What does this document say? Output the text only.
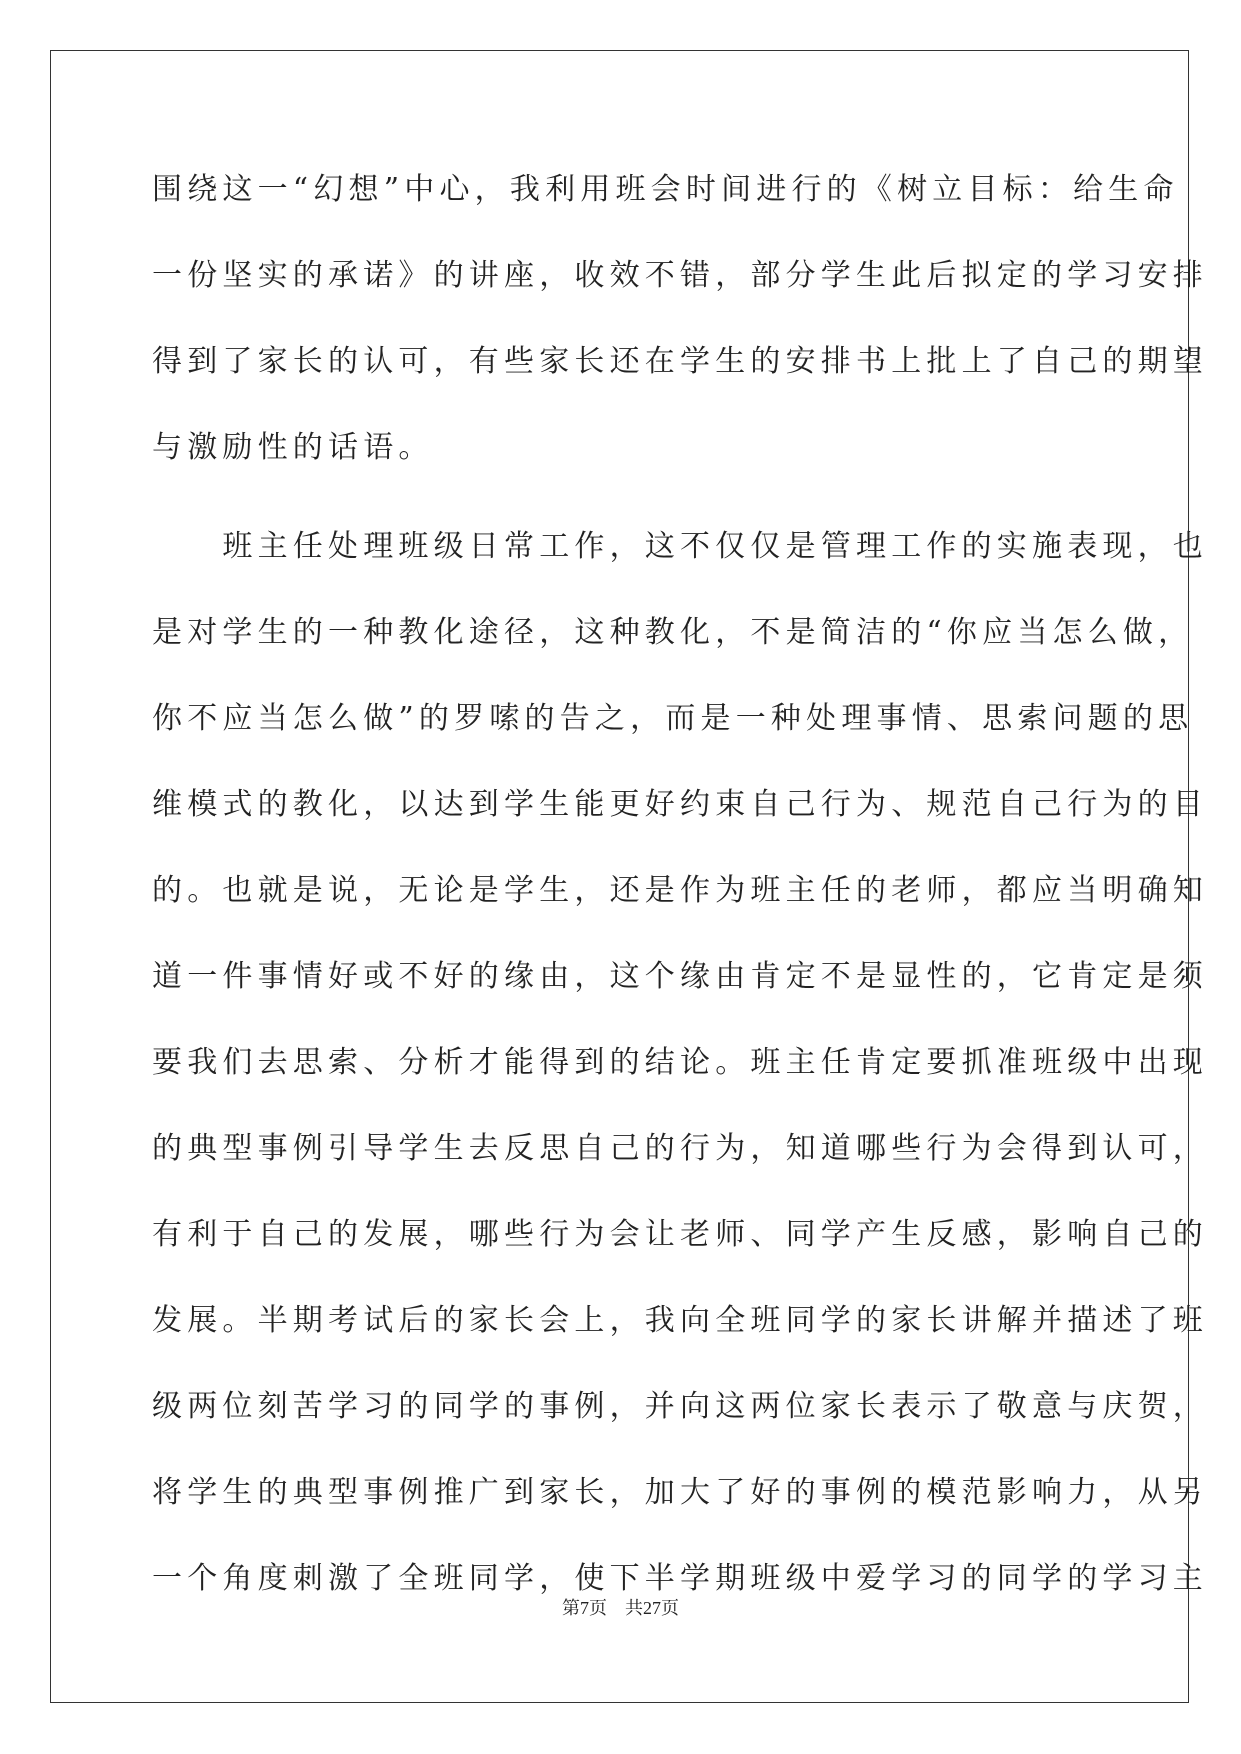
围绕这一“幻想”中心，我利用班会时间进行的《树立目标：给生命
一份坚实的承诺》的讲座，收效不错，部分学生此后拟定的学习安排
得到了家长的认可，有些家长还在学生的安排书上批上了自己的期望
与激励性的话语。
　　班主任处理班级日常工作，这不仅仅是管理工作的实施表现，也
是对学生的一种教化途径，这种教化，不是简洁的“你应当怎么做，
你不应当怎么做”的罗嗦的告之，而是一种处理事情、思索问题的思
维模式的教化，以达到学生能更好约束自己行为、规范自己行为的目
的。也就是说，无论是学生，还是作为班主任的老师，都应当明确知
道一件事情好或不好的缘由，这个缘由肯定不是显性的，它肯定是须
要我们去思索、分析才能得到的结论。班主任肯定要抓准班级中出现
的典型事例引导学生去反思自己的行为，知道哪些行为会得到认可，
有利于自己的发展，哪些行为会让老师、同学产生反感，影响自己的
发展。半期考试后的家长会上，我向全班同学的家长讲解并描述了班
级两位刻苦学习的同学的事例，并向这两位家长表示了敬意与庆贺，
将学生的典型事例推广到家长，加大了好的事例的模范影响力，从另
一个角度刺激了全班同学，使下半学期班级中爱学习的同学的学习主
第7页 共27页
